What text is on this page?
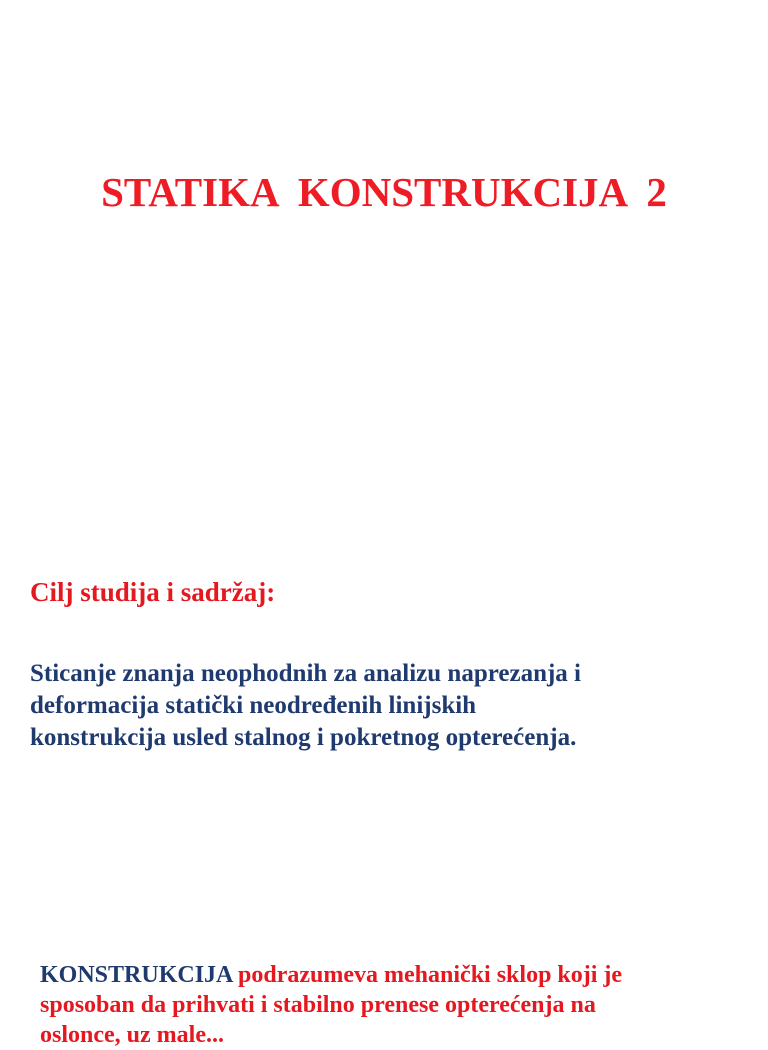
STATIKA  KONSTRUKCIJA  2
Cilj studija i sadržaj:
Sticanje znanja neophodnih za analizu naprezanja i
deformacija statički neodređenih linijskih
konstrukcija usled stalnog i pokretnog opterećenja.
KONSTRUKCIJA podrazumeva mehanički sklop koji je
sposoban da prihvati i stabilno prenese opterećenja na
oslonce, uz male...
